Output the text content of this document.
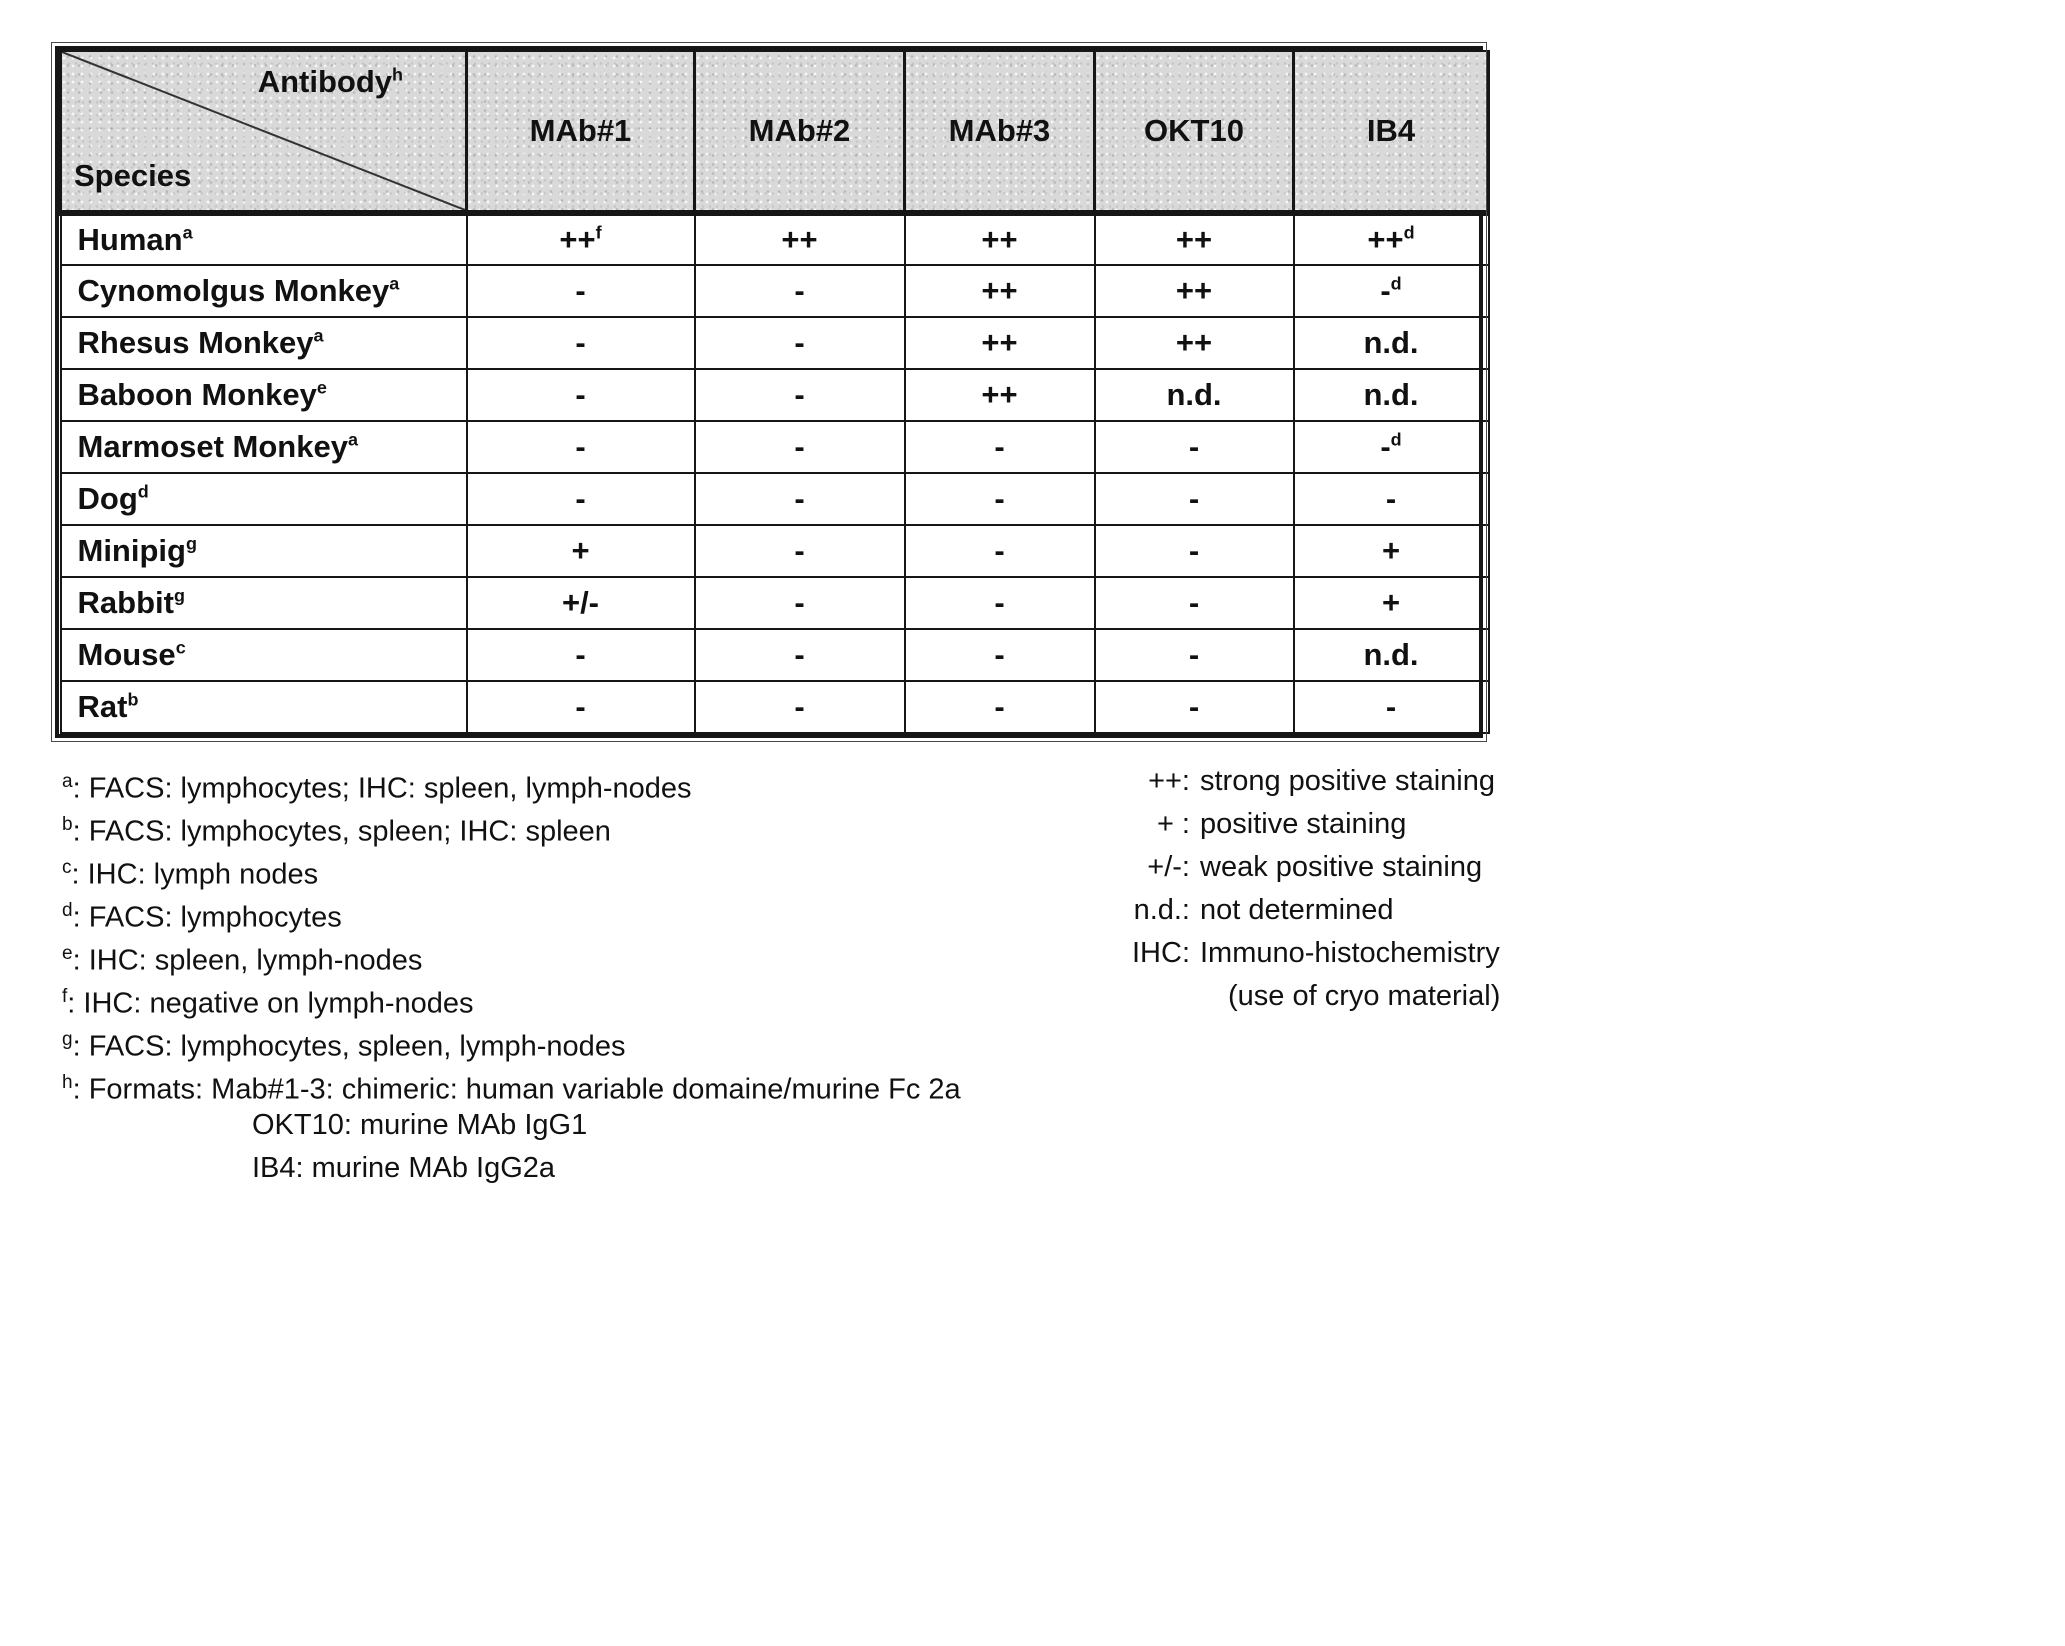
Antibody$^h$
Species	MAb#1	MAb#2	MAb#3	OKT10	IB4
Human$^a$	++$^f$	++	++	++	++$^d$
Cynomolgus Monkey$^a$	-	-	++	++	-$^d$
Rhesus Monkey$^a$	-	-	++	++	n.d.
Baboon Monkey$^e$	-	-	++	n.d.	n.d.
Marmoset Monkey$^a$	-	-	-	-	-$^d$
Dog$^d$	-	-	-	-	-
Minipig$^g$	+	-	-	-	+
Rabbit$^g$	+/-	-	-	-	+
Mouse$^c$	-	-	-	-	n.d.
Rat$^b$	-	-	-	-	-
$^a$: FACS: lymphocytes; IHC: spleen, lymph-nodes
$^b$: FACS: lymphocytes, spleen; IHC: spleen
$^c$: IHC: lymph nodes
$^d$: FACS: lymphocytes
$^e$: IHC: spleen, lymph-nodes
$^f$: IHC: negative on lymph-nodes
$^g$: FACS: lymphocytes, spleen, lymph-nodes
$^h$: Formats: Mab#1-3: chimeric: human variable domaine/murine Fc 2a
OKT10: murine MAb IgG1
IB4: murine MAb IgG2a
++: strong positive staining
+ : positive staining
+/-: weak positive staining
n.d.: not determined
IHC: Immuno-histochemistry
(use of cryo material)
